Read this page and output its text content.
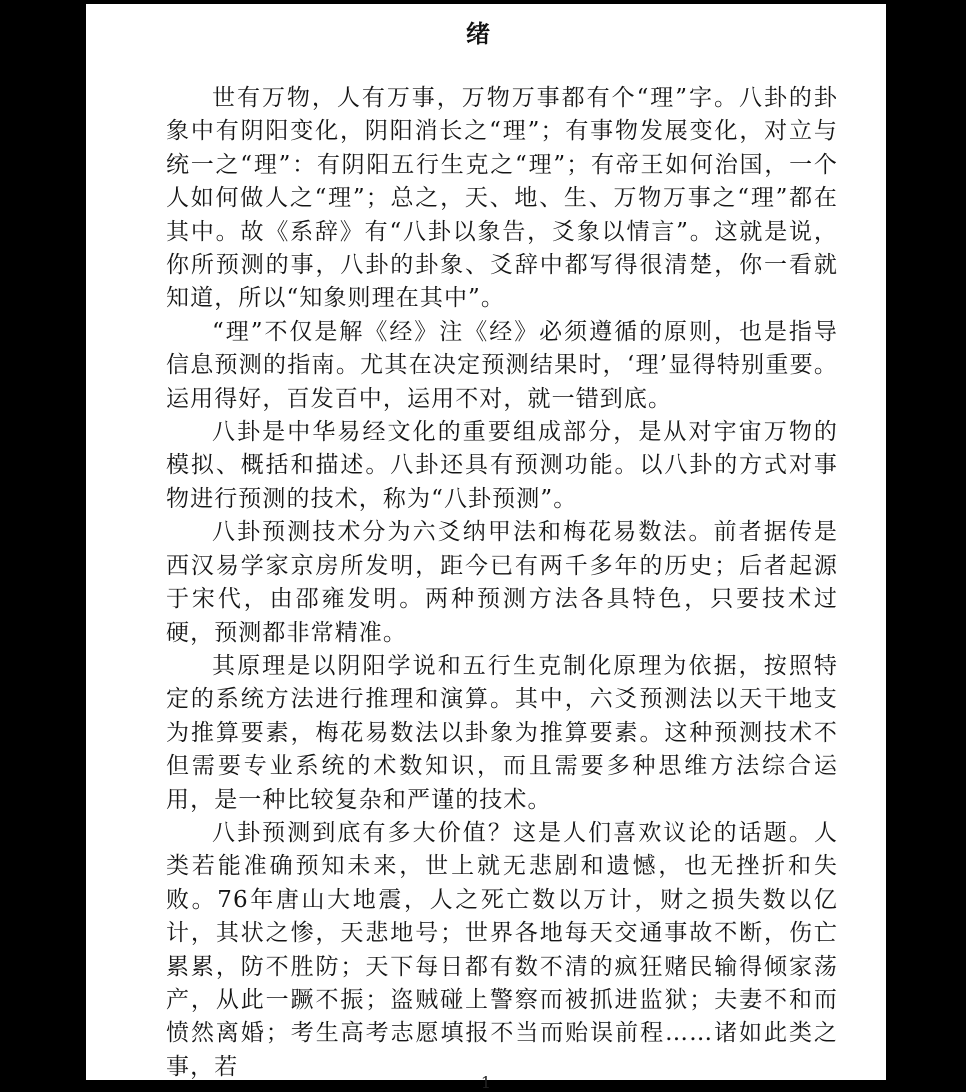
绪

世有万物，人有万事，万物万事都有个“理”字。八卦的卦象中有阴阳变化，阴阳消长之“理”；有事物发展变化，对立与统一之“理”：有阴阳五行生克之“理”；有帝王如何治国，一个人如何做人之“理”；总之，天、地、生、万物万事之“理”都在其中。故《系辞》有“八卦以象告，爻象以情言”。这就是说，你所预测的事，八卦的卦象、爻辞中都写得很清楚，你一看就知道，所以“知象则理在其中”。

“理”不仅是解《经》注《经》必须遵循的原则，也是指导信息预测的指南。尤其在决定预测结果时，‘理’显得特别重要。运用得好，百发百中，运用不对，就一错到底。

八卦是中华易经文化的重要组成部分，是从对宇宙万物的模拟、概括和描述。八卦还具有预测功能。以八卦的方式对事物进行预测的技术，称为“八卦预测”。

八卦预测技术分为六爻纳甲法和梅花易数法。前者据传是西汉易学家京房所发明，距今已有两千多年的历史；后者起源于宋代，由邵雍发明。两种预测方法各具特色，只要技术过硬，预测都非常精准。

其原理是以阴阳学说和五行生克制化原理为依据，按照特定的系统方法进行推理和演算。其中，六爻预测法以天干地支为推算要素，梅花易数法以卦象为推算要素。这种预测技术不但需要专业系统的术数知识，而且需要多种思维方法综合运用，是一种比较复杂和严谨的技术。

八卦预测到底有多大价值？这是人们喜欢议论的话题。人类若能准确预知未来，世上就无悲剧和遗憾，也无挫折和失败。76年唐山大地震，人之死亡数以万计，财之损失数以亿计，其状之惨，天悲地号；世界各地每天交通事故不断，伤亡累累，防不胜防；天下每日都有数不清的疯狂赌民输得倾家荡产，从此一蹶不振；盗贼碰上警察而被抓进监狱；夫妻不和而愤然离婚；考生高考志愿填报不当而贻误前程……诸如此类之事，若

1
